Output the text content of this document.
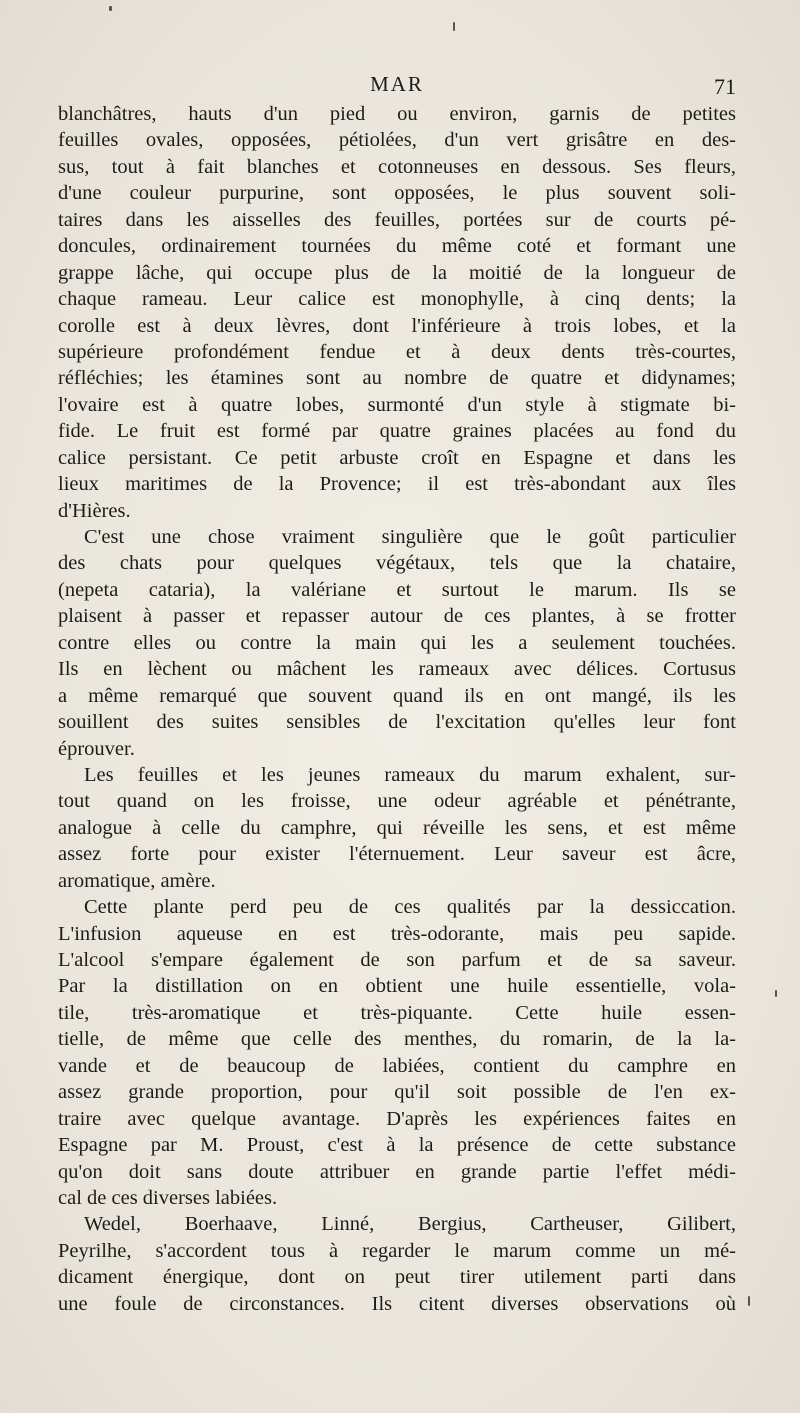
MAR	71
blanchâtres, hauts d'un pied ou environ, garnis de petites
feuilles ovales, opposées, pétiolées, d'un vert grisâtre en des-
sus, tout à fait blanches et cotonneuses en dessous. Ses fleurs,
d'une couleur purpurine, sont opposées, le plus souvent soli-
taires dans les aisselles des feuilles, portées sur de courts pé-
doncules, ordinairement tournées du même coté et formant une
grappe lâche, qui occupe plus de la moitié de la longueur de
chaque rameau. Leur calice est monophylle, à cinq dents; la
corolle est à deux lèvres, dont l'inférieure à trois lobes, et la
supérieure profondément fendue et à deux dents très-courtes,
réfléchies; les étamines sont au nombre de quatre et didynames;
l'ovaire est à quatre lobes, surmonté d'un style à stigmate bi-
fide. Le fruit est formé par quatre graines placées au fond du
calice persistant. Ce petit arbuste croît en Espagne et dans les
lieux maritimes de la Provence; il est très-abondant aux îles
d'Hières.
C'est une chose vraiment singulière que le goût particulier
des chats pour quelques végétaux, tels que la chataire,
(nepeta cataria), la valériane et surtout le marum. Ils se
plaisent à passer et repasser autour de ces plantes, à se frotter
contre elles ou contre la main qui les a seulement touchées.
Ils en lèchent ou mâchent les rameaux avec délices. Cortusus
a même remarqué que souvent quand ils en ont mangé, ils les
souillent des suites sensibles de l'excitation qu'elles leur font
éprouver.
Les feuilles et les jeunes rameaux du marum exhalent, sur-
tout quand on les froisse, une odeur agréable et pénétrante,
analogue à celle du camphre, qui réveille les sens, et est même
assez forte pour exister l'éternuement. Leur saveur est âcre,
aromatique, amère.
Cette plante perd peu de ces qualités par la dessiccation.
L'infusion aqueuse en est très-odorante, mais peu sapide.
L'alcool s'empare également de son parfum et de sa saveur.
Par la distillation on en obtient une huile essentielle, vola-
tile, très-aromatique et très-piquante. Cette huile essen-
tielle, de même que celle des menthes, du romarin, de la la-
vande et de beaucoup de labiées, contient du camphre en
assez grande proportion, pour qu'il soit possible de l'en ex-
traire avec quelque avantage. D'après les expériences faites en
Espagne par M. Proust, c'est à la présence de cette substance
qu'on doit sans doute attribuer en grande partie l'effet médi-
cal de ces diverses labiées.
Wedel, Boerhaave, Linné, Bergius, Cartheuser, Gilibert,
Peyrilhe, s'accordent tous à regarder le marum comme un mé-
dicament énergique, dont on peut tirer utilement parti dans
une foule de circonstances. Ils citent diverses observations où
